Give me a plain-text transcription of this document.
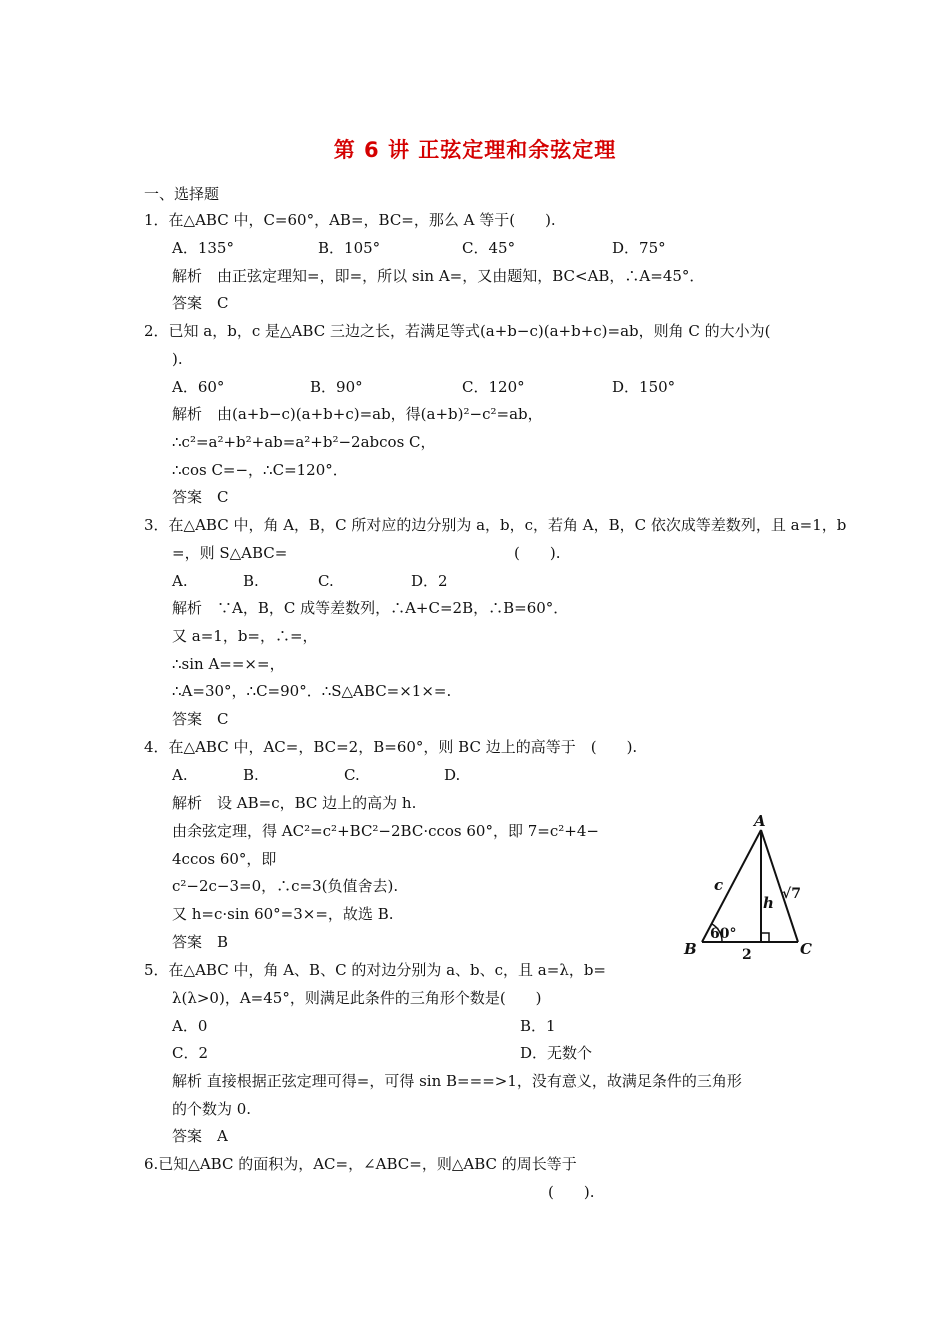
第 6 讲 正弦定理和余弦定理
一、选择题
1．在△ABC 中，C=60°，AB=，BC=，那么 A 等于(　　).
A．135°	B．105°	C．45°	D．75°
解析　由正弦定理知=，即=，所以 sin A=，又由题知，BC<AB，∴A=45°．
答案　C
2．已知 a，b，c 是△ABC 三边之长，若满足等式(a+b−c)(a+b+c)=ab，则角 C 的大小为(
).
A．60°	B．90°	C．120°	D．150°
解析　由(a+b−c)(a+b+c)=ab，得(a+b)²−c²=ab，
∴c²=a²+b²+ab=a²+b²−2abcos C，
∴cos C=−，∴C=120°．
答案　C
3．在△ABC 中，角 A，B，C 所对应的边分别为 a，b，c，若角 A，B，C 依次成等差数列，且 a=1，b
=，则 S△ABC=	(　　).
A.	B.	C.	D．2
解析　∵A，B，C 成等差数列，∴A+C=2B，∴B=60°．
又 a=1，b=，∴=，
∴sin A==×=，
∴A=30°，∴C=90°．∴S△ABC=×1×=.
答案　C
4．在△ABC 中，AC=，BC=2，B=60°，则 BC 边上的高等于　(　　).
A.	B.	C.	D.
解析　设 AB=c，BC 边上的高为 h.
由余弦定理，得 AC²=c²+BC²−2BC·ccos 60°，即 7=c²+4−
4ccos 60°，即
c²−2c−3=0，∴c=3(负值舍去).
又 h=c·sin 60°=3×=，故选 B.
答案　B
A
B	C
c
h
60°
2
√7
5．在△ABC 中，角 A、B、C 的对边分别为 a、b、c，且 a=λ，b=
λ(λ>0)，A=45°，则满足此条件的三角形个数是(　　)
A．0	B．1
C．2	D．无数个
解析 直接根据正弦定理可得=，可得 sin B===>1，没有意义，故满足条件的三角形
的个数为 0.
答案　A
6.已知△ABC 的面积为，AC=，∠ABC=，则△ABC 的周长等于
(　　).
